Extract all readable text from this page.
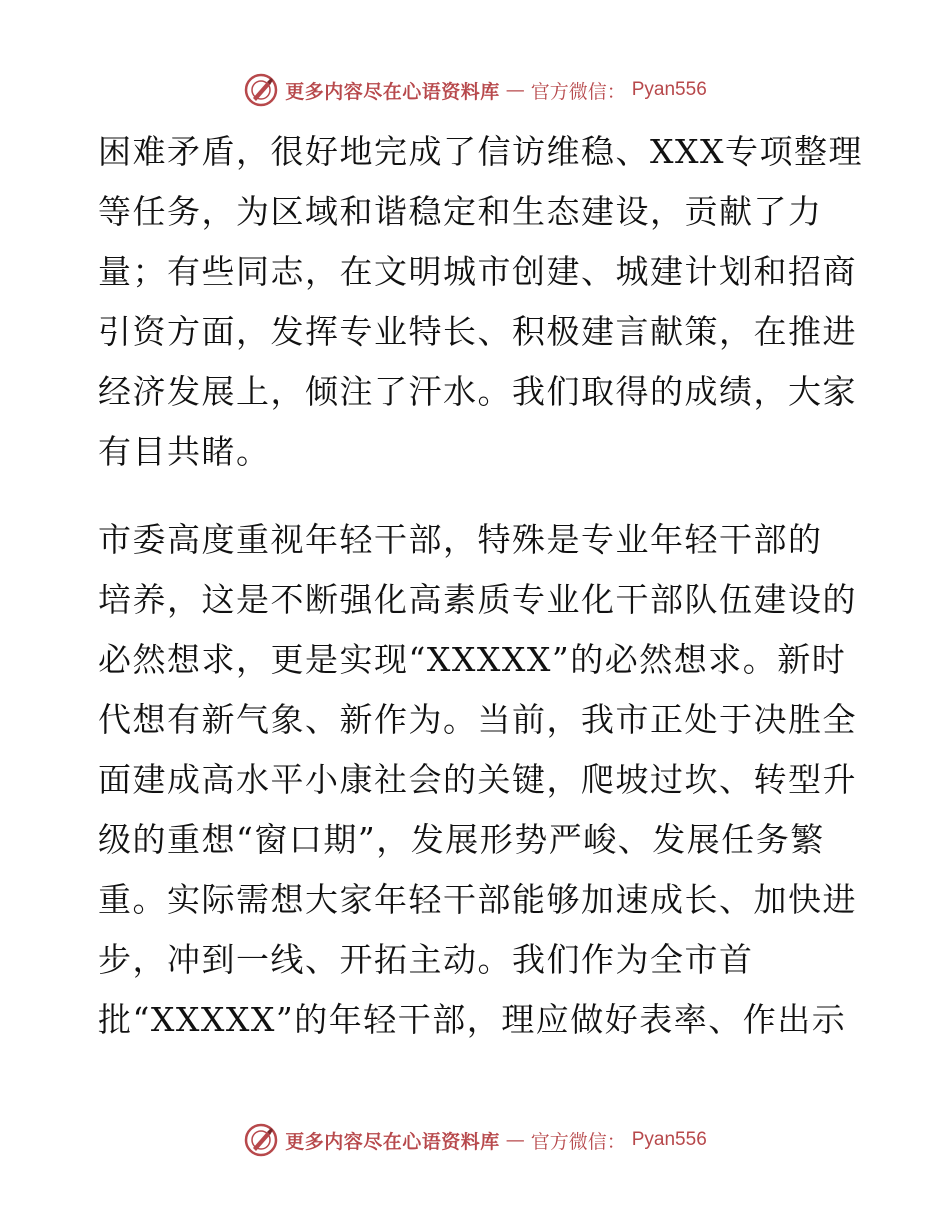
更多内容尽在心语资料库 — 官方微信： Pyan556
困难矛盾，很好地完成了信访维稳、XXX专项整理
等任务，为区域和谐稳定和生态建设，贡献了力
量；有些同志，在文明城市创建、城建计划和招商
引资方面，发挥专业特长、积极建言献策，在推进
经济发展上，倾注了汗水。我们取得的成绩，大家
有目共睹。
市委高度重视年轻干部，特殊是专业年轻干部的
培养，这是不断强化高素质专业化干部队伍建设的
必然想求，更是实现“XXXXX”的必然想求。新时
代想有新气象、新作为。当前，我市正处于决胜全
面建成高水平小康社会的关键，爬坡过坎、转型升
级的重想“窗口期”，发展形势严峻、发展任务繁
重。实际需想大家年轻干部能够加速成长、加快进
步，冲到一线、开拓主动。我们作为全市首
批“XXXXX”的年轻干部，理应做好表率、作出示
更多内容尽在心语资料库 — 官方微信： Pyan556
